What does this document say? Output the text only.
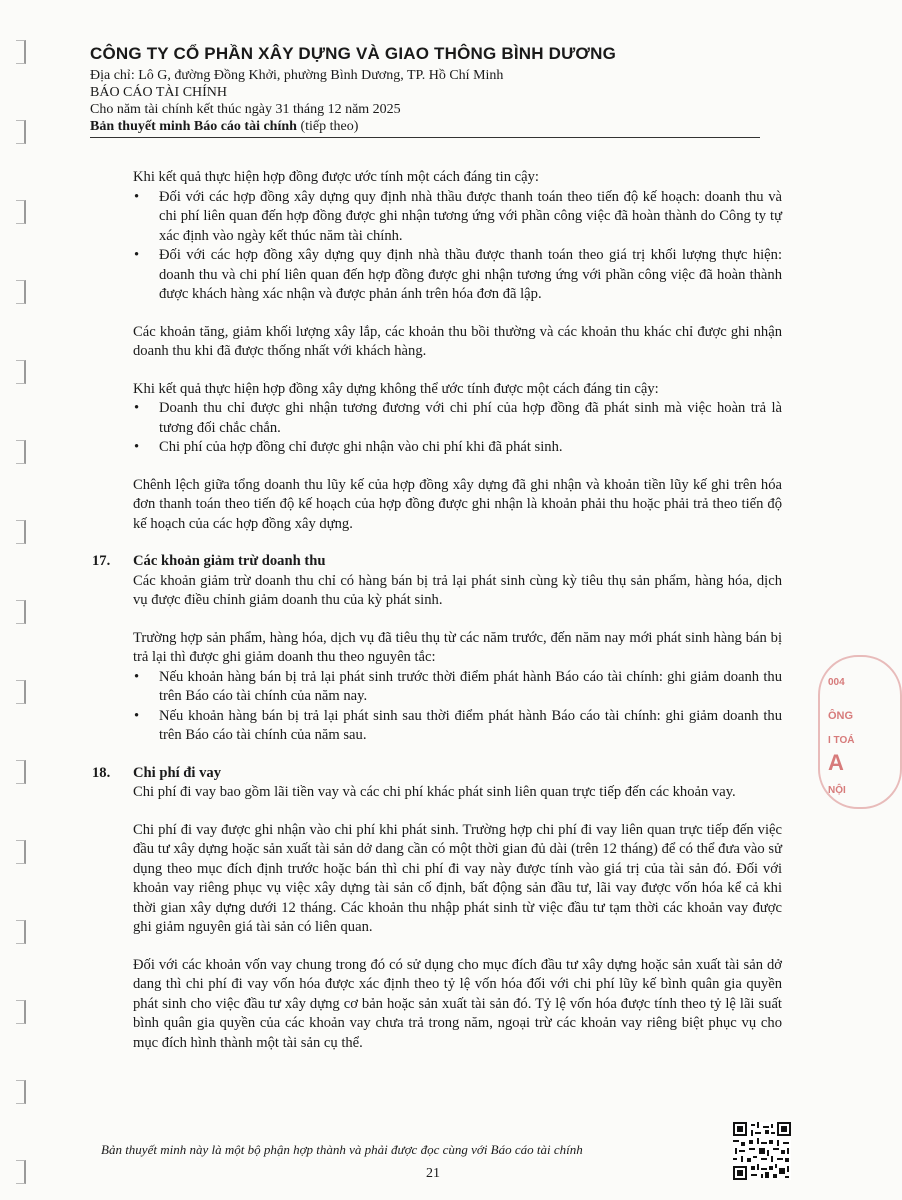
CÔNG TY CỔ PHẦN XÂY DỰNG VÀ GIAO THÔNG BÌNH DƯƠNG

Địa chỉ: Lô G, đường Đồng Khởi, phường Bình Dương, TP. Hồ Chí Minh

BÁO CÁO TÀI CHÍNH

Cho năm tài chính kết thúc ngày 31 tháng 12 năm 2025

Bản thuyết minh Báo cáo tài chính (tiếp theo)

Khi kết quả thực hiện hợp đồng được ước tính một cách đáng tin cậy:

• Đối với các hợp đồng xây dựng quy định nhà thầu được thanh toán theo tiến độ kế hoạch: doanh thu và chi phí liên quan đến hợp đồng được ghi nhận tương ứng với phần công việc đã hoàn thành do Công ty tự xác định vào ngày kết thúc năm tài chính.

• Đối với các hợp đồng xây dựng quy định nhà thầu được thanh toán theo giá trị khối lượng thực hiện: doanh thu và chi phí liên quan đến hợp đồng được ghi nhận tương ứng với phần công việc đã hoàn thành được khách hàng xác nhận và được phản ánh trên hóa đơn đã lập.

Các khoản tăng, giảm khối lượng xây lắp, các khoản thu bồi thường và các khoản thu khác chỉ được ghi nhận doanh thu khi đã được thống nhất với khách hàng.

Khi kết quả thực hiện hợp đồng xây dựng không thể ước tính được một cách đáng tin cậy:

• Doanh thu chỉ được ghi nhận tương đương với chi phí của hợp đồng đã phát sinh mà việc hoàn trả là tương đối chắc chắn.

• Chi phí của hợp đồng chỉ được ghi nhận vào chi phí khi đã phát sinh.

Chênh lệch giữa tổng doanh thu lũy kế của hợp đồng xây dựng đã ghi nhận và khoản tiền lũy kế ghi trên hóa đơn thanh toán theo tiến độ kế hoạch của hợp đồng được ghi nhận là khoản phải thu hoặc phải trả theo tiến độ kế hoạch của các hợp đồng xây dựng.

17.	Các khoản giảm trừ doanh thu

Các khoản giảm trừ doanh thu chỉ có hàng bán bị trả lại phát sinh cùng kỳ tiêu thụ sản phẩm, hàng hóa, dịch vụ được điều chỉnh giảm doanh thu của kỳ phát sinh.

Trường hợp sản phẩm, hàng hóa, dịch vụ đã tiêu thụ từ các năm trước, đến năm nay mới phát sinh hàng bán bị trả lại thì được ghi giảm doanh thu theo nguyên tắc:

• Nếu khoản hàng bán bị trả lại phát sinh trước thời điểm phát hành Báo cáo tài chính: ghi giảm doanh thu trên Báo cáo tài chính của năm nay.

• Nếu khoản hàng bán bị trả lại phát sinh sau thời điểm phát hành Báo cáo tài chính: ghi giảm doanh thu trên Báo cáo tài chính của năm sau.

18.	Chi phí đi vay

Chi phí đi vay bao gồm lãi tiền vay và các chi phí khác phát sinh liên quan trực tiếp đến các khoản vay.

Chi phí đi vay được ghi nhận vào chi phí khi phát sinh. Trường hợp chi phí đi vay liên quan trực tiếp đến việc đầu tư xây dựng hoặc sản xuất tài sản dở dang cần có một thời gian đủ dài (trên 12 tháng) để có thể đưa vào sử dụng theo mục đích định trước hoặc bán thì chi phí đi vay này được tính vào giá trị của tài sản đó. Đối với khoản vay riêng phục vụ việc xây dựng tài sản cố định, bất động sản đầu tư, lãi vay được vốn hóa kể cả khi thời gian xây dựng dưới 12 tháng. Các khoản thu nhập phát sinh từ việc đầu tư tạm thời các khoản vay được ghi giảm nguyên giá tài sản có liên quan.

Đối với các khoản vốn vay chung trong đó có sử dụng cho mục đích đầu tư xây dựng hoặc sản xuất tài sản dở dang thì chi phí đi vay vốn hóa được xác định theo tỷ lệ vốn hóa đối với chi phí lũy kế bình quân gia quyền phát sinh cho việc đầu tư xây dựng cơ bản hoặc sản xuất tài sản đó. Tỷ lệ vốn hóa được tính theo tỷ lệ lãi suất bình quân gia quyền của các khoản vay chưa trả trong năm, ngoại trừ các khoản vay riêng biệt phục vụ cho mục đích hình thành một tài sản cụ thể.

004
ÔNG
I TOÁ
A
NỘI
Bản thuyết minh này là một bộ phận hợp thành và phải được đọc cùng với Báo cáo tài chính
21
